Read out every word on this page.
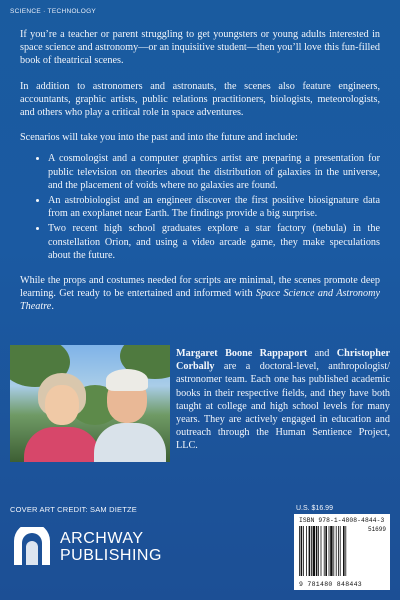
SCIENCE · TECHNOLOGY

If you’re a teacher or parent struggling to get youngsters or young adults interested in space science and astronomy—or an inquisitive student—then you’ll love this fun-filled book of theatrical scenes.

In addition to astronomers and astronauts, the scenes also feature engineers, accountants, graphic artists, public relations practitioners, biologists, meteorologists, and others who play a critical role in space adventures.

Scenarios will take you into the past and into the future and include:

• A cosmologist and a computer graphics artist are preparing a presentation for public television on theories about the distribution of galaxies in the universe, and the placement of voids where no galaxies are found.
• An astrobiologist and an engineer discover the first positive biosignature data from an exoplanet near Earth. The findings provide a big surprise.
• Two recent high school graduates explore a star factory (nebula) in the constellation Orion, and using a video arcade game, they make speculations about the future.

While the props and costumes needed for scripts are minimal, the scenes promote deep learning. Get ready to be entertained and informed with Space Science and Astronomy Theatre.

Margaret Boone Rappaport and Christopher Corbally are a doctoral-level, anthropologist/ astronomer team. Each one has published academic books in their respective fields, and they have both taught at college and high school levels for many years. They are actively engaged in education and outreach through the Human Sentience Project, LLC.
COVER ART CREDIT: SAM DIETZE
ARCHWAY
PUBLISHING
U.S. $16.99
ISBN 978-1-4808-4844-3
51699
9 781480 848443
